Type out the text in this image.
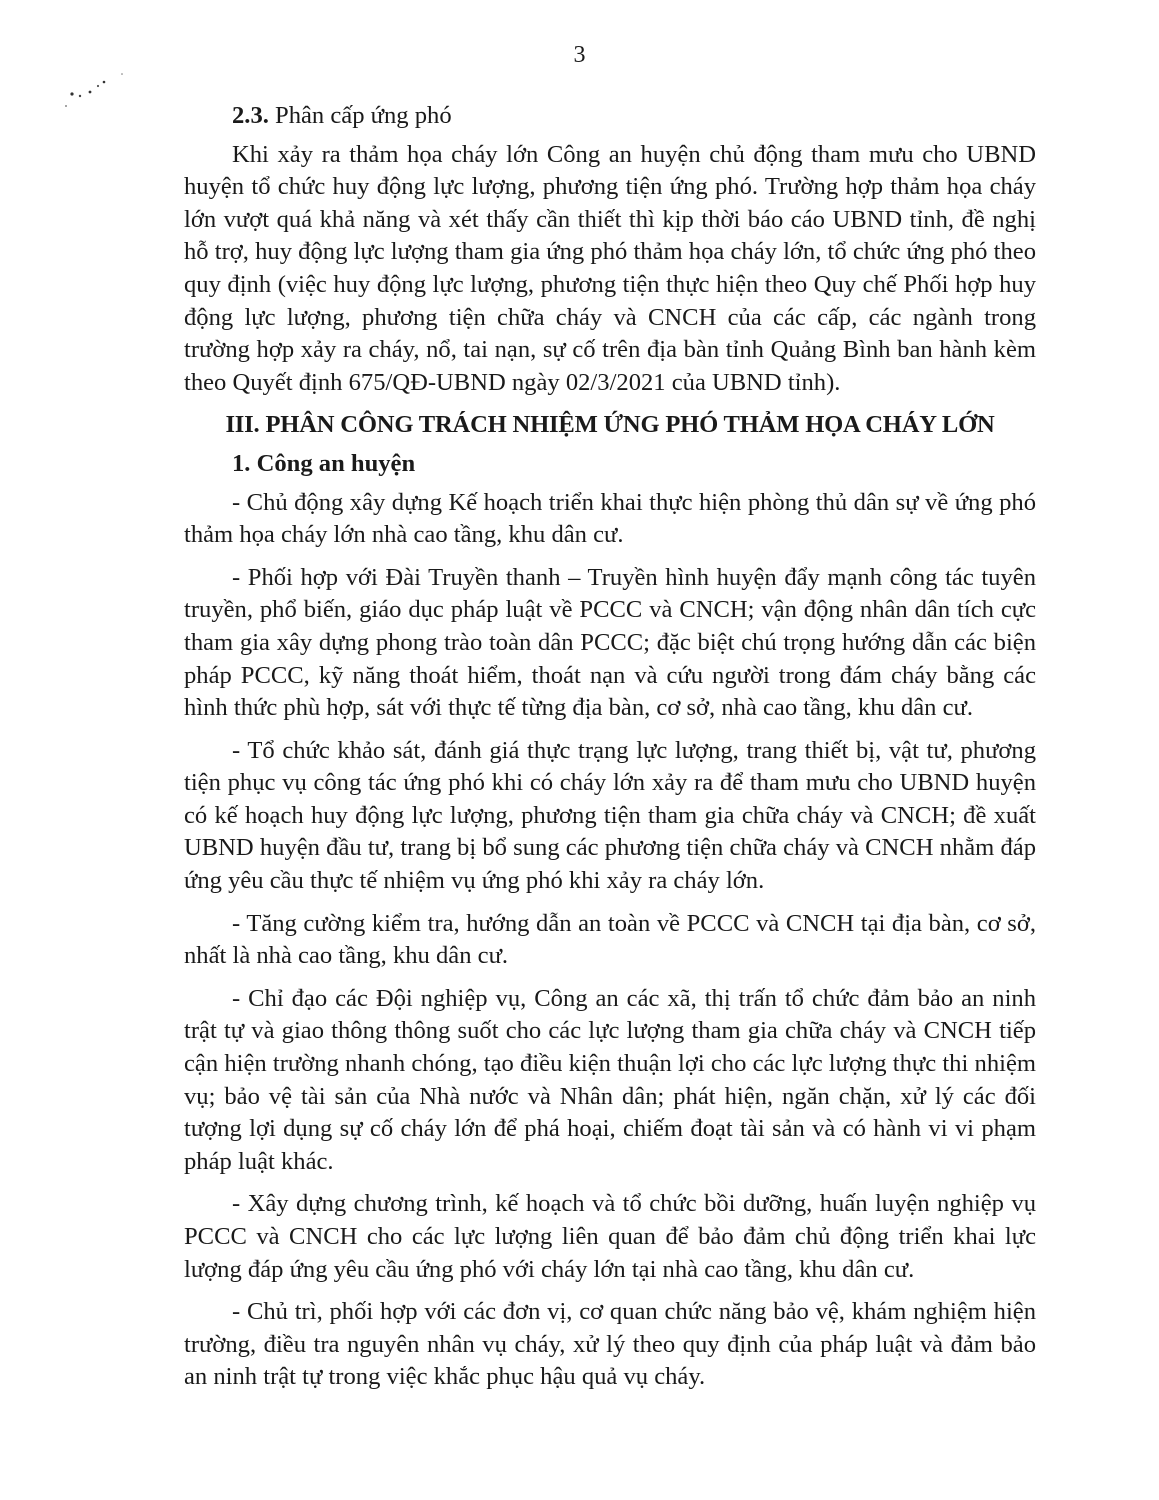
3

2.3. Phân cấp ứng phó

Khi xảy ra thảm họa cháy lớn Công an huyện chủ động tham mưu cho UBND huyện tổ chức huy động lực lượng, phương tiện ứng phó. Trường hợp thảm họa cháy lớn vượt quá khả năng và xét thấy cần thiết thì kịp thời báo cáo UBND tỉnh, đề nghị hỗ trợ, huy động lực lượng tham gia ứng phó thảm họa cháy lớn, tổ chức ứng phó theo quy định (việc huy động lực lượng, phương tiện thực hiện theo Quy chế Phối hợp huy động lực lượng, phương tiện chữa cháy và CNCH của các cấp, các ngành trong trường hợp xảy ra cháy, nổ, tai nạn, sự cố trên địa bàn tỉnh Quảng Bình ban hành kèm theo Quyết định 675/QĐ-UBND ngày 02/3/2021 của UBND tỉnh).

III. PHÂN CÔNG TRÁCH NHIỆM ỨNG PHÓ THẢM HỌA CHÁY LỚN

1. Công an huyện

- Chủ động xây dựng Kế hoạch triển khai thực hiện phòng thủ dân sự về ứng phó thảm họa cháy lớn nhà cao tầng, khu dân cư.

- Phối hợp với Đài Truyền thanh – Truyền hình huyện đẩy mạnh công tác tuyên truyền, phổ biến, giáo dục pháp luật về PCCC và CNCH; vận động nhân dân tích cực tham gia xây dựng phong trào toàn dân PCCC; đặc biệt chú trọng hướng dẫn các biện pháp PCCC, kỹ năng thoát hiểm, thoát nạn và cứu người trong đám cháy bằng các hình thức phù hợp, sát với thực tế từng địa bàn, cơ sở, nhà cao tầng, khu dân cư.

- Tổ chức khảo sát, đánh giá thực trạng lực lượng, trang thiết bị, vật tư, phương tiện phục vụ công tác ứng phó khi có cháy lớn xảy ra để tham mưu cho UBND huyện có kế hoạch huy động lực lượng, phương tiện tham gia chữa cháy và CNCH; đề xuất UBND huyện đầu tư, trang bị bổ sung các phương tiện chữa cháy và CNCH nhằm đáp ứng yêu cầu thực tế nhiệm vụ ứng phó khi xảy ra cháy lớn.

- Tăng cường kiểm tra, hướng dẫn an toàn về PCCC và CNCH tại địa bàn, cơ sở, nhất là nhà cao tầng, khu dân cư.

- Chỉ đạo các Đội nghiệp vụ, Công an các xã, thị trấn tổ chức đảm bảo an ninh trật tự và giao thông thông suốt cho các lực lượng tham gia chữa cháy và CNCH tiếp cận hiện trường nhanh chóng, tạo điều kiện thuận lợi cho các lực lượng thực thi nhiệm vụ; bảo vệ tài sản của Nhà nước và Nhân dân; phát hiện, ngăn chặn, xử lý các đối tượng lợi dụng sự cố cháy lớn để phá hoại, chiếm đoạt tài sản và có hành vi vi phạm pháp luật khác.

- Xây dựng chương trình, kế hoạch và tổ chức bồi dưỡng, huấn luyện nghiệp vụ PCCC và CNCH cho các lực lượng liên quan để bảo đảm chủ động triển khai lực lượng đáp ứng yêu cầu ứng phó với cháy lớn tại nhà cao tầng, khu dân cư.

- Chủ trì, phối hợp với các đơn vị, cơ quan chức năng bảo vệ, khám nghiệm hiện trường, điều tra nguyên nhân vụ cháy, xử lý theo quy định của pháp luật và đảm bảo an ninh trật tự trong việc khắc phục hậu quả vụ cháy.
